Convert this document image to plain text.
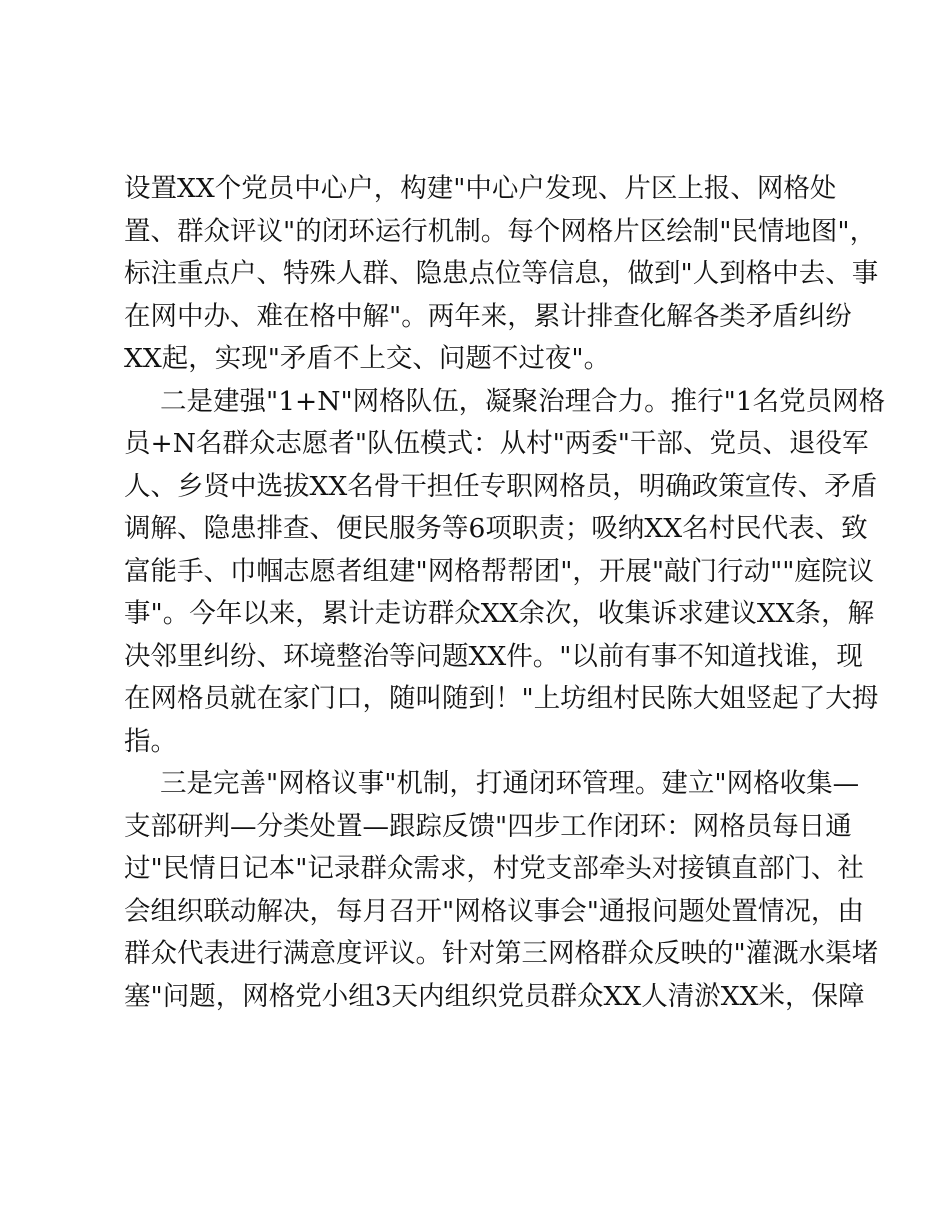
设置XX个党员中心户，构建"中心户发现、片区上报、网格处
置、群众评议"的闭环运行机制。每个网格片区绘制"民情地图"，
标注重点户、特殊人群、隐患点位等信息，做到"人到格中去、事
在网中办、难在格中解"。两年来，累计排查化解各类矛盾纠纷
XX起，实现"矛盾不上交、问题不过夜"。
二是建强"1+N"网格队伍，凝聚治理合力。推行"1名党员网格
员+N名群众志愿者"队伍模式：从村"两委"干部、党员、退役军
人、乡贤中选拔XX名骨干担任专职网格员，明确政策宣传、矛盾
调解、隐患排查、便民服务等6项职责；吸纳XX名村民代表、致
富能手、巾帼志愿者组建"网格帮帮团"，开展"敲门行动""庭院议
事"。今年以来，累计走访群众XX余次，收集诉求建议XX条，解
决邻里纠纷、环境整治等问题XX件。"以前有事不知道找谁，现
在网格员就在家门口，随叫随到！"上坊组村民陈大姐竖起了大拇
指。
三是完善"网格议事"机制，打通闭环管理。建立"网格收集—
支部研判—分类处置—跟踪反馈"四步工作闭环：网格员每日通
过"民情日记本"记录群众需求，村党支部牵头对接镇直部门、社
会组织联动解决，每月召开"网格议事会"通报问题处置情况，由
群众代表进行满意度评议。针对第三网格群众反映的"灌溉水渠堵
塞"问题，网格党小组3天内组织党员群众XX人清淤XX米，保障
